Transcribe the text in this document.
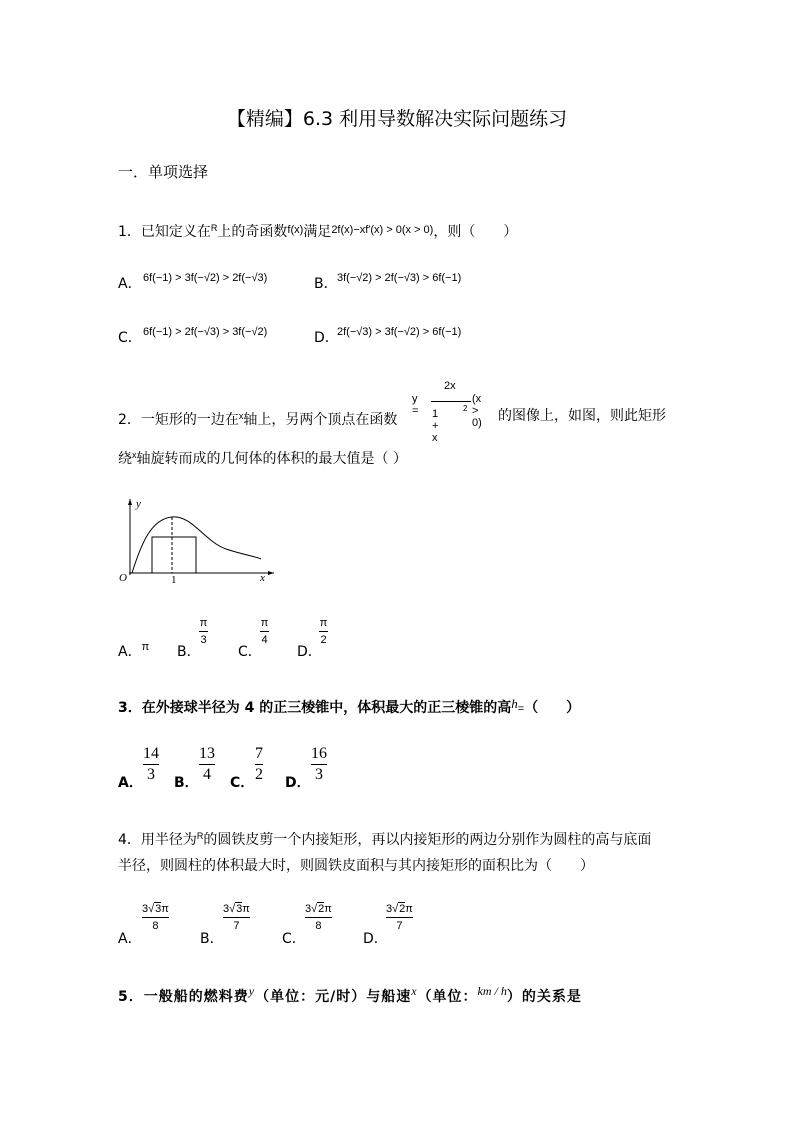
【精编】6.3 利用导数解决实际问题练习
一．单项选择
1．已知定义在$^R$上的奇函数$^{f(x)}$满足$^{2f(x)-xf'(x) > 0(x > 0)}$，则（　　）
A． 6f(−1) > 3f(−√2) > 2f(−√3)	B． 3f(−√2) > 2f(−√3) > 6f(−1)
C． 6f(−1) > 2f(−√3) > 3f(−√2)	D．
2f(−√3) > 3f(−√2) > 6f(−1)
2．一矩形的一边在$^x$轴上，另两个顶点在函数
y =
2x
1 + x
2
(x > 0) 的图像上，如图，则此矩形
绕$^x$轴旋转而成的几何体的体积的最大值是（ ）
y
O	1	x
A．$^\pi$ B．
π
3
C．
π
4
D．
π
2
3．在外接球半径为 4 的正三棱锥中，体积最大的正三棱锥的高h=（　　）
A．
14
3 B．
13
4 C．
7
2 D．
16
3
4．用半径为$^R$的圆铁皮剪一个内接矩形，再以内接矩形的两边分别作为圆柱的高与底面
半径，则圆柱的体积最大时，则圆铁皮面积与其内接矩形的面积比为（　　）
A．
3√3π
8
B．
3√3π
7
C．
3√2π
8
D．
3√2π
7
5．一般船的燃料费y（单位：元/时）与船速x（单位：km / h）的关系是
